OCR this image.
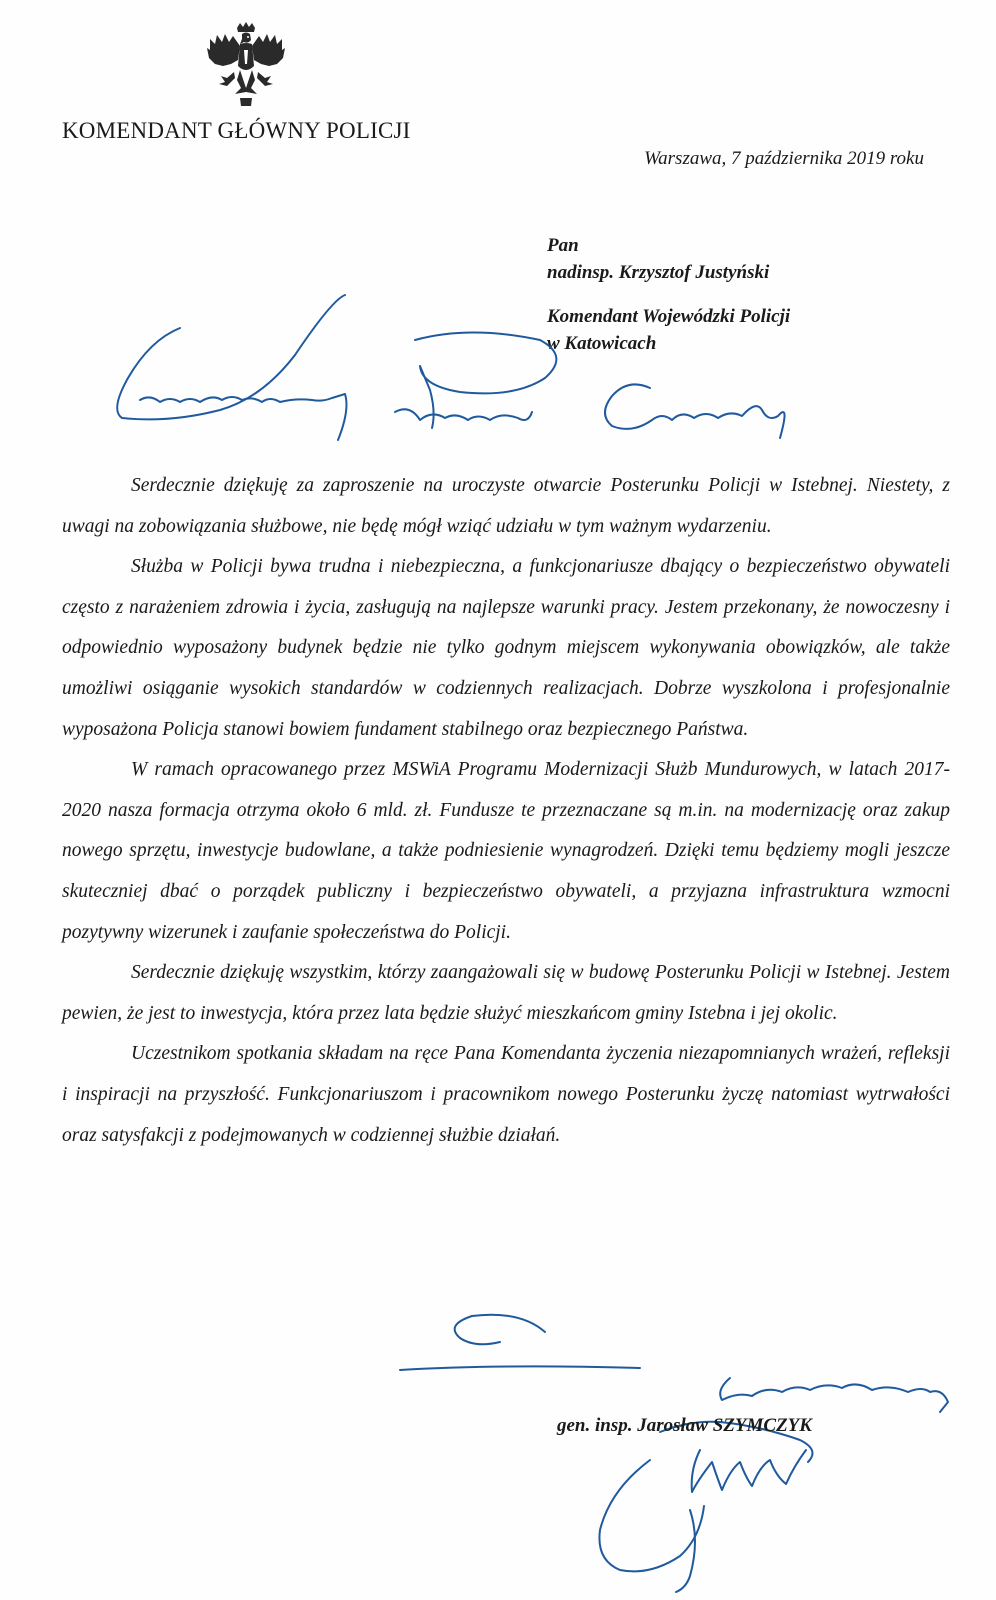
KOMENDANT GŁÓWNY POLICJI
Warszawa, 7 października 2019 roku
Pan
nadinsp. Krzysztof Justyński
Komendant Wojewódzki Policji
w Katowicach

Serdecznie dziękuję za zaproszenie na uroczyste otwarcie Posterunku Policji w Istebnej. Niestety, z uwagi na zobowiązania służbowe, nie będę mógł wziąć udziału w tym ważnym wydarzeniu.

Służba w Policji bywa trudna i niebezpieczna, a funkcjonariusze dbający o bezpieczeństwo obywateli często z narażeniem zdrowia i życia, zasługują na najlepsze warunki pracy. Jestem przekonany, że nowoczesny i odpowiednio wyposażony budynek będzie nie tylko godnym miejscem wykonywania obowiązków, ale także umożliwi osiąganie wysokich standardów w codziennych realizacjach. Dobrze wyszkolona i profesjonalnie wyposażona Policja stanowi bowiem fundament stabilnego oraz bezpiecznego Państwa.

W ramach opracowanego przez MSWiA Programu Modernizacji Służb Mundurowych, w latach 2017-2020 nasza formacja otrzyma około 6 mld. zł. Fundusze te przeznaczane są m.in. na modernizację oraz zakup nowego sprzętu, inwestycje budowlane, a także podniesienie wynagrodzeń. Dzięki temu będziemy mogli jeszcze skuteczniej dbać o porządek publiczny i bezpieczeństwo obywateli, a przyjazna infrastruktura wzmocni pozytywny wizerunek i zaufanie społeczeństwa do Policji.

Serdecznie dziękuję wszystkim, którzy zaangażowali się w budowę Posterunku Policji w Istebnej. Jestem pewien, że jest to inwestycja, która przez lata będzie służyć mieszkańcom gminy Istebna i jej okolic.

Uczestnikom spotkania składam na ręce Pana Komendanta życzenia niezapomnianych wrażeń, refleksji i inspiracji na przyszłość. Funkcjonariuszom i pracownikom nowego Posterunku życzę natomiast wytrwałości oraz satysfakcji z podejmowanych w codziennej służbie działań.

gen. insp. Jarosław SZYMCZYK
